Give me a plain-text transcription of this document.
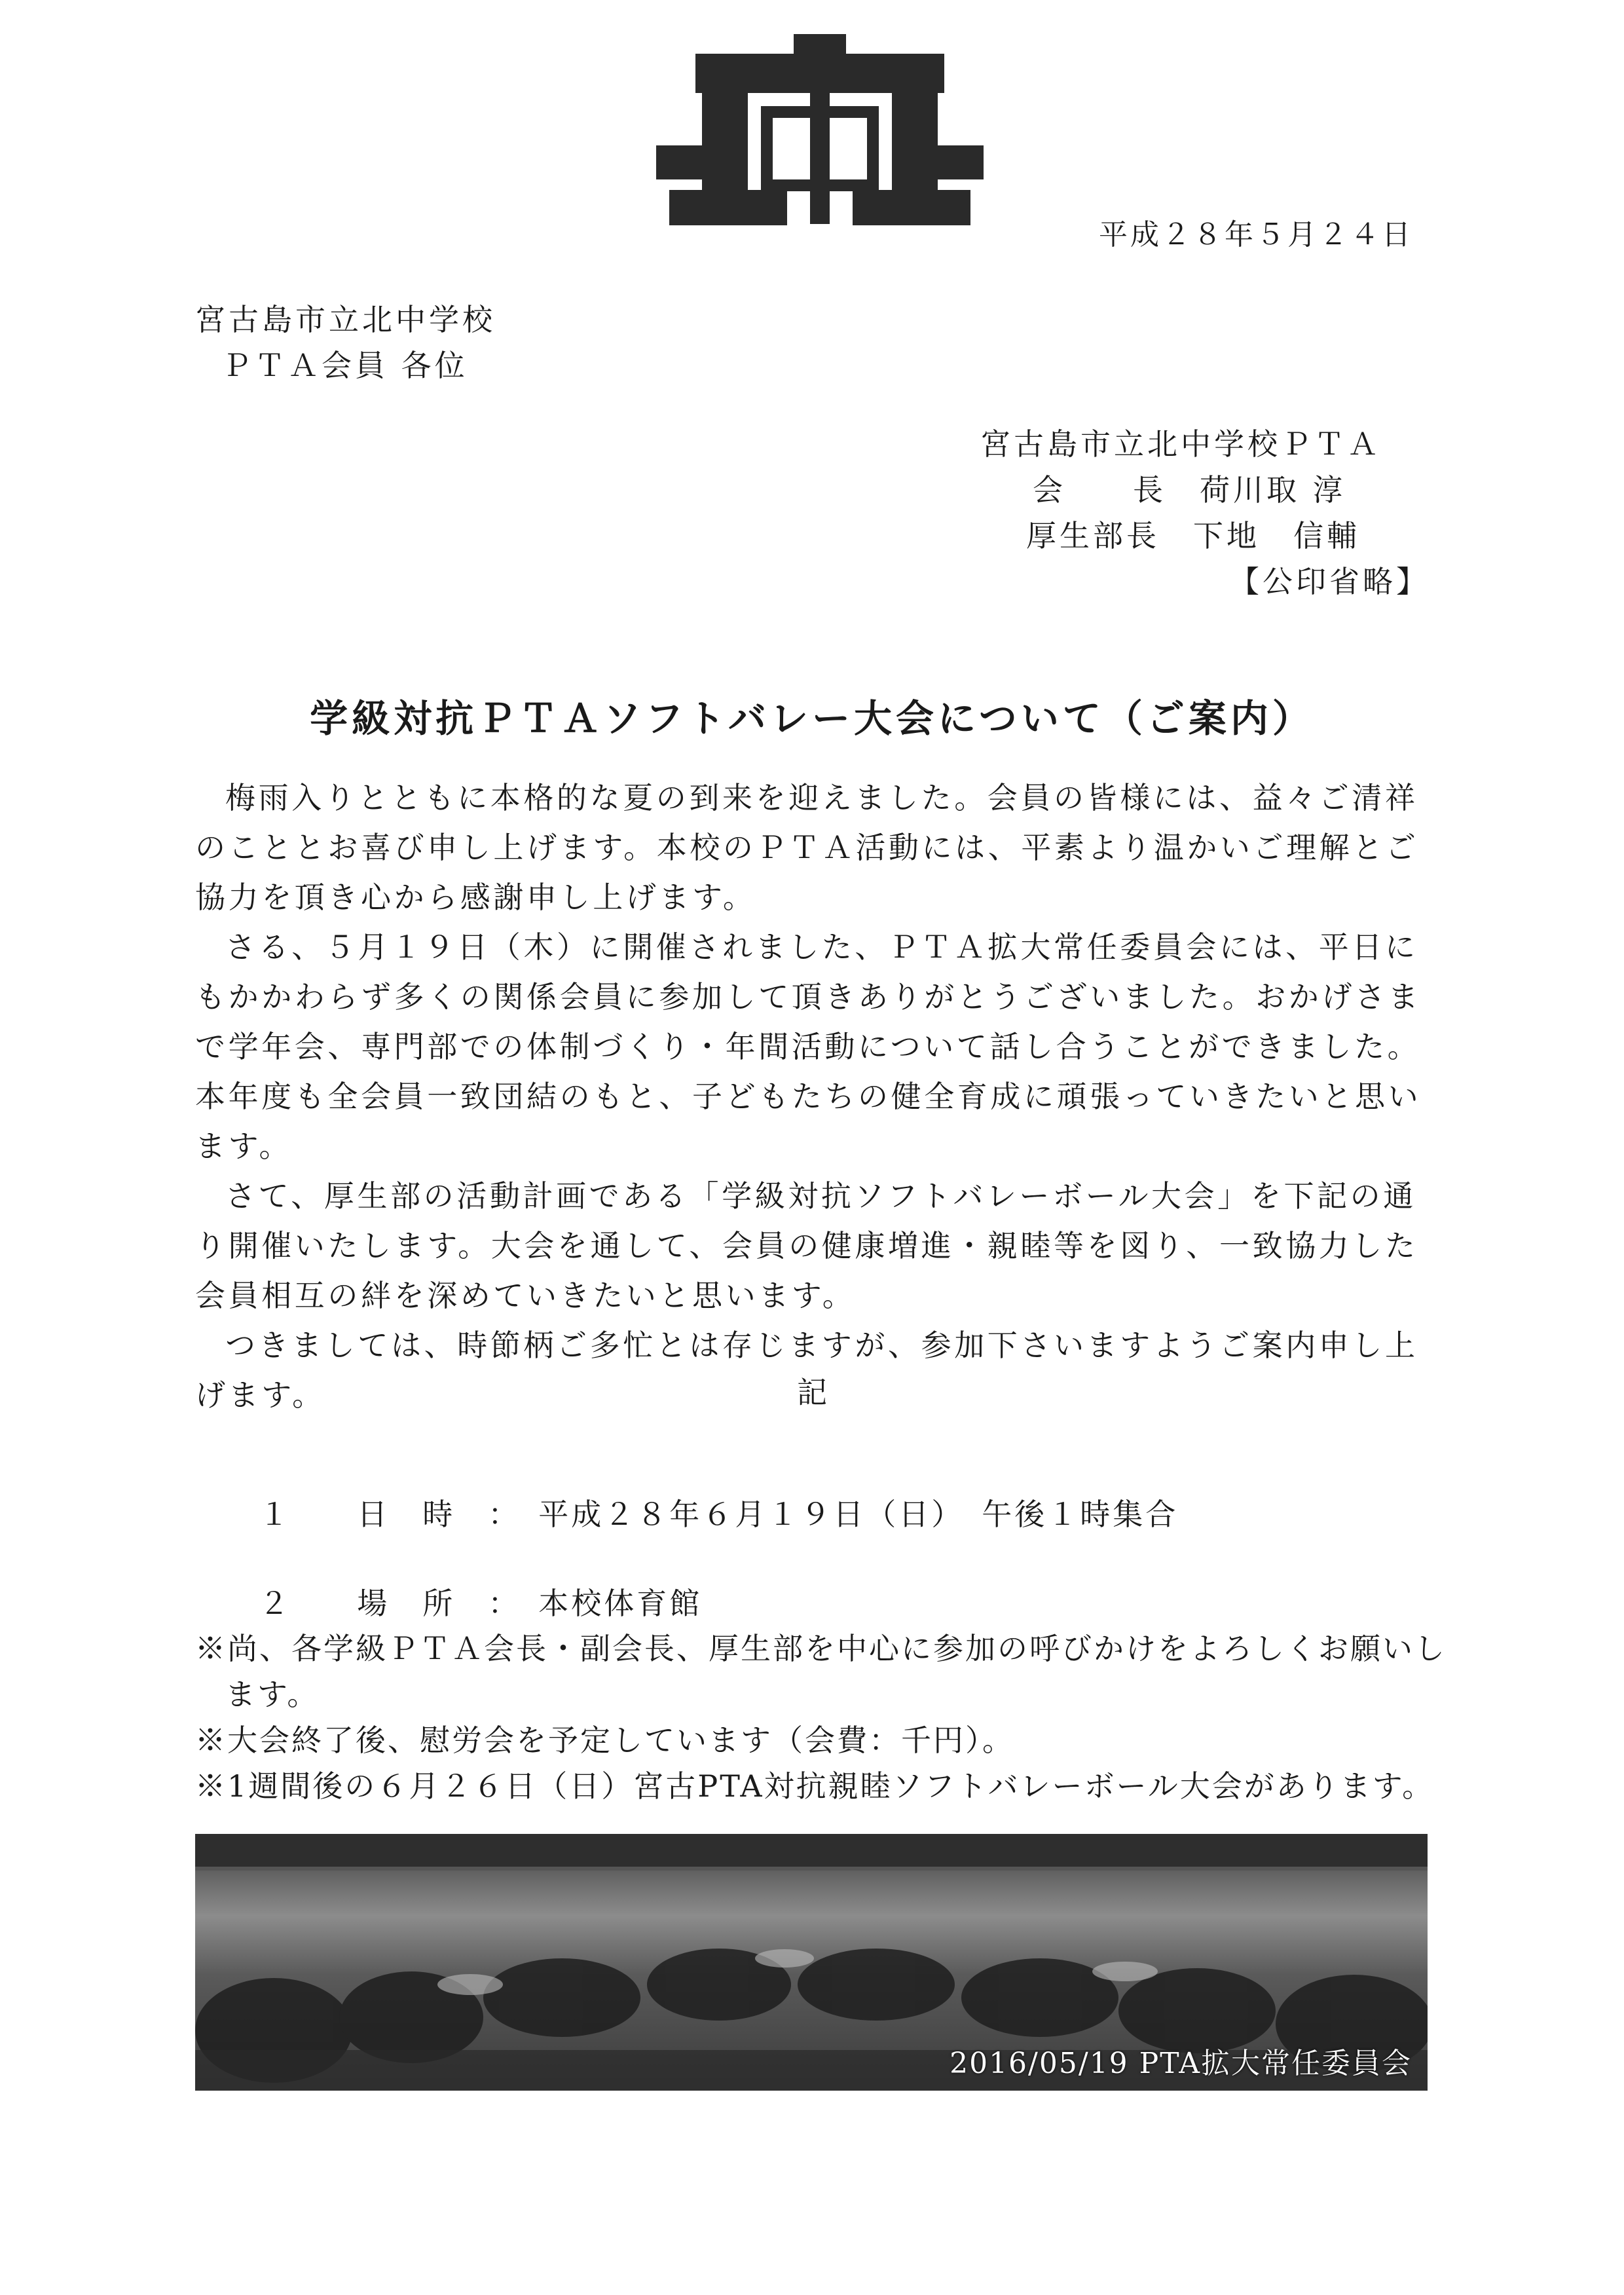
平成２８年５月２４日
宮古島市立北中学校
ＰＴＡ会員 各位
宮古島市立北中学校ＰＴＡ
会　　長　荷川取 淳
厚生部長　下地　信輔
【公印省略】
学級対抗ＰＴＡソフトバレー大会について（ご案内）

梅雨入りとともに本格的な夏の到来を迎えました。会員の皆様には、益々ご清祥のこととお喜び申し上げます。本校のＰＴＡ活動には、平素より温かいご理解とご協力を頂き心から感謝申し上げます。

さる、５月１９日（木）に開催されました、ＰＴＡ拡大常任委員会には、平日にもかかわらず多くの関係会員に参加して頂きありがとうございました。おかげさまで学年会、専門部での体制づくり・年間活動について話し合うことができました。本年度も全会員一致団結のもと、子どもたちの健全育成に頑張っていきたいと思います。

さて、厚生部の活動計画である「学級対抗ソフトバレーボール大会」を下記の通り開催いたします。大会を通して、会員の健康増進・親睦等を図り、一致協力した会員相互の絆を深めていきたいと思います。

つきましては、時節柄ご多忙とは存じますが、参加下さいますようご案内申し上げます。	記

１　　 日　時　：　 平成２８年６月１９日（日）　午後１時集合

２　　 場　所　：　 本校体育館

※尚、各学級ＰＴＡ会長・副会長、厚生部を中心に参加の呼びかけをよろしくお願いします。
※大会終了後、慰労会を予定しています（会費：千円）。
※1週間後の６月２６日（日）宮古PTA対抗親睦ソフトバレーボール大会があります。
2016/05/19 PTA拡大常任委員会
